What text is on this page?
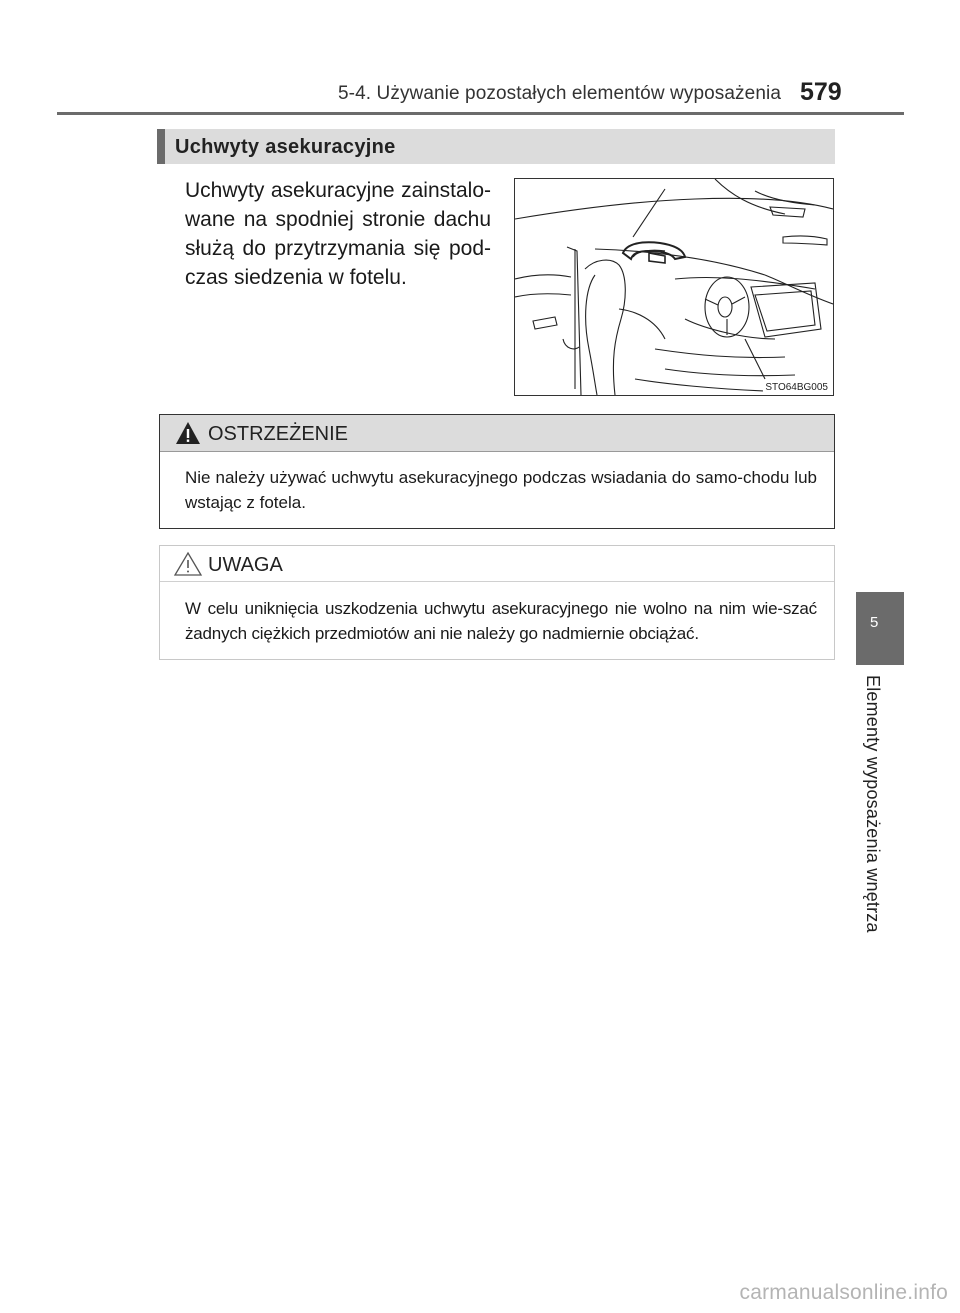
5-4. Używanie pozostałych elementów wyposażenia 579
Uchwyty asekuracyjne
Uchwyty asekuracyjne zainstalo-wane na spodniej stronie dachu służą do przytrzymania się pod-czas siedzenia w fotelu.
STO64BG005
OSTRZEŻENIE
Nie należy używać uchwytu asekuracyjnego podczas wsiadania do samo-chodu lub wstając z fotela.
UWAGA
W celu uniknięcia uszkodzenia uchwytu asekuracyjnego nie wolno na nim wie-szać żadnych ciężkich przedmiotów ani nie należy go nadmiernie obciążać.
5
Elementy wyposażenia wnętrza
carmanualsonline.info
